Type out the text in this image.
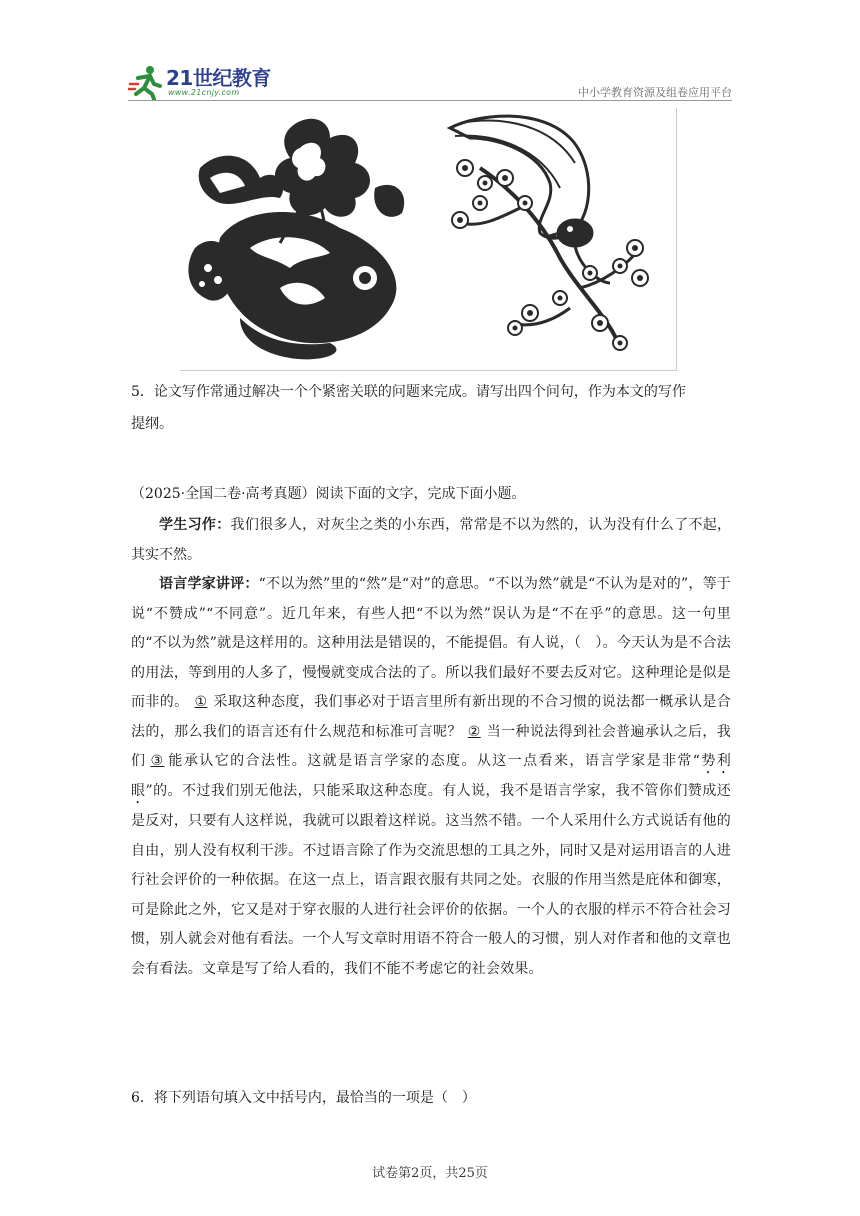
21世纪教育
www.21cnjy.com	中小学教育资源及组卷应用平台
5．论文写作常通过解决一个个紧密关联的问题来完成。请写出四个问句，作为本文的写作
提纲。
（2025·全国二卷·高考真题）阅读下面的文字，完成下面小题。
学生习作：我们很多人，对灰尘之类的小东西，常常是不以为然的，认为没有什么了不起，其实不然。
语言学家讲评：“不以为然”里的“然”是“对”的意思。“不以为然”就是“不认为是对的”，等于说“不赞成”“不同意”。近几年来，有些人把“不以为然”误认为是“不在乎”的意思。这一句里的“不以为然”就是这样用的。这种用法是错误的，不能提倡。有人说，（　）。今天认为是不合法的用法，等到用的人多了，慢慢就变成合法的了。所以我们最好不要去反对它。这种理论是似是而非的。 ① 采取这种态度，我们事必对于语言里所有新出现的不合习惯的说法都一概承认是合法的，那么我们的语言还有什么规范和标准可言呢？ ② 当一种说法得到社会普遍承认之后，我们 ③ 能承认它的合法性。这就是语言学家的态度。从这一点看来，语言学家是非常“势利眼”的。不过我们别无他法，只能采取这种态度。有人说，我不是语言学家，我不管你们赞成还是反对，只要有人这样说，我就可以跟着这样说。这当然不错。一个人采用什么方式说话有他的自由，别人没有权利干涉。不过语言除了作为交流思想的工具之外，同时又是对运用语言的人进行社会评价的一种依据。在这一点上，语言跟衣服有共同之处。衣服的作用当然是庇体和御寒，可是除此之外，它又是对于穿衣服的人进行社会评价的依据。一个人的衣服的样示不符合社会习惯，别人就会对他有看法。一个人写文章时用语不符合一般人的习惯，别人对作者和他的文章也会有看法。文章是写了给人看的，我们不能不考虑它的社会效果。
6．将下列语句填入文中括号内，最恰当的一项是（　）
试卷第2页，共25页
